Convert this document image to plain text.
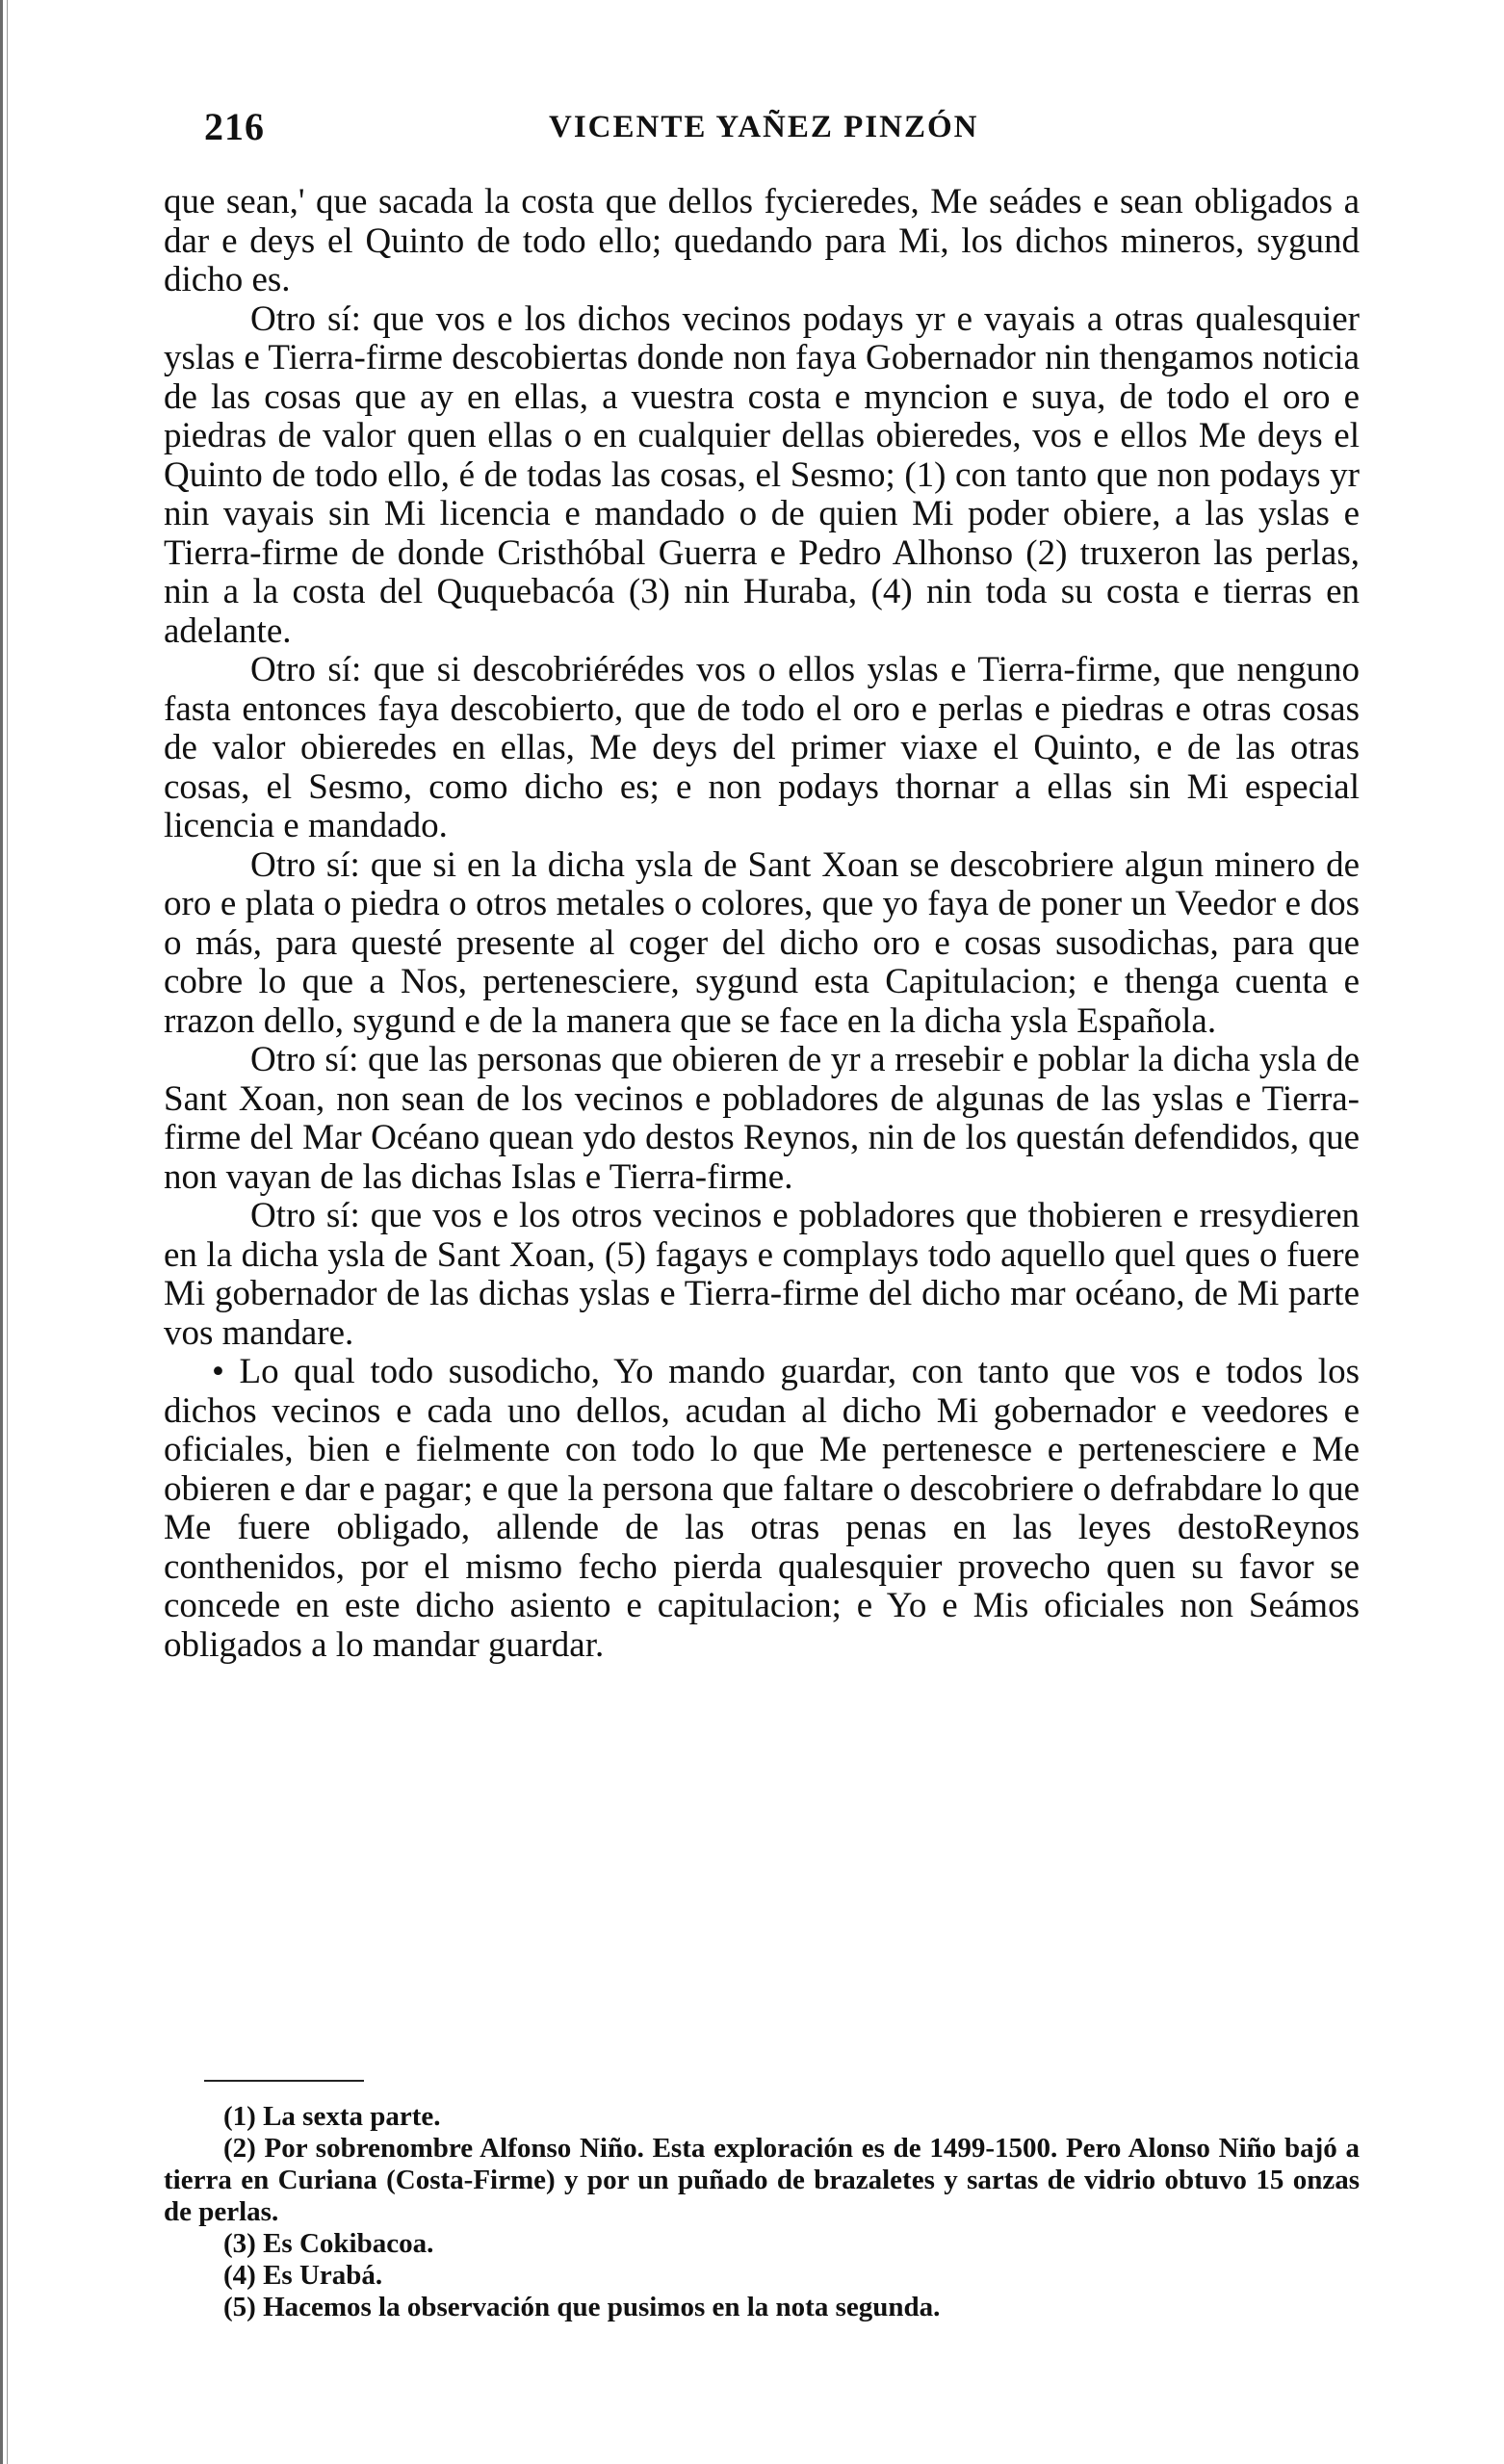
216	VICENTE YAÑEZ PINZÓN

que sean,' que sacada la costa que dellos fycieredes, Me seádes e sean obligados a dar e deys el Quinto de todo ello; quedando para Mi, los dichos mineros, sygund dicho es.

Otro sí: que vos e los dichos vecinos podays yr e vayais a otras qualesquier yslas e Tierra-firme descobiertas donde non faya Gobernador nin thengamos noticia de las cosas que ay en ellas, a vuestra costa e myncion e suya, de todo el oro e piedras de valor quen ellas o en cualquier dellas obieredes, vos e ellos Me deys el Quinto de todo ello, é de todas las cosas, el Sesmo; (1) con tanto que non podays yr nin vayais sin Mi licencia e mandado o de quien Mi poder obiere, a las yslas e Tierra-firme de donde Cristhóbal Guerra e Pedro Alhonso (2) truxeron las perlas, nin a la costa del Ququebacóa (3) nin Huraba, (4) nin toda su costa e tierras en adelante.

Otro sí: que si descobriérédes vos o ellos yslas e Tierra-firme, que nenguno fasta entonces faya descobierto, que de todo el oro e perlas e piedras e otras cosas de valor obieredes en ellas, Me deys del primer viaxe el Quinto, e de las otras cosas, el Sesmo, como dicho es; e non podays thornar a ellas sin Mi especial licencia e mandado.

Otro sí: que si en la dicha ysla de Sant Xoan se descobriere algun minero de oro e plata o piedra o otros metales o colores, que yo faya de poner un Veedor e dos o más, para questé presente al coger del dicho oro e cosas susodichas, para que cobre lo que a Nos, pertenesciere, sygund esta Capitulacion; e thenga cuenta e rrazon dello, sygund e de la manera que se face en la dicha ysla Española.

Otro sí: que las personas que obieren de yr a rresebir e poblar la dicha ysla de Sant Xoan, non sean de los vecinos e pobladores de algunas de las yslas e Tierra-firme del Mar Océano quean ydo destos Reynos, nin de los questán defendidos, que non vayan de las dichas Islas e Tierra-firme.

Otro sí: que vos e los otros vecinos e pobladores que thobieren e rresydieren en la dicha ysla de Sant Xoan, (5) fagays e complays todo aquello quel ques o fuere Mi gobernador de las dichas yslas e Tierra-firme del dicho mar océano, de Mi parte vos mandare.

• Lo qual todo susodicho, Yo mando guardar, con tanto que vos e todos los dichos vecinos e cada uno dellos, acudan al dicho Mi gobernador e veedores e oficiales, bien e fielmente con todo lo que Me pertenesce e pertenesciere e Me obieren e dar e pagar; e que la persona que faltare o descobriere o defrabdare lo que Me fuere obligado, allende de las otras penas en las leyes destoReynos conthenidos, por el mismo fecho pierda qualesquier provecho quen su favor se concede en este dicho asiento e capitulacion; e Yo e Mis oficiales non Seámos obligados a lo mandar guardar.

(1) La sexta parte.

(2) Por sobrenombre Alfonso Niño. Esta exploración es de 1499-1500. Pero Alonso Niño bajó a tierra en Curiana (Costa-Firme) y por un puñado de brazaletes y sartas de vidrio obtuvo 15 onzas de perlas.

(3) Es Cokibacoa.

(4) Es Urabá.

(5) Hacemos la observación que pusimos en la nota segunda.
